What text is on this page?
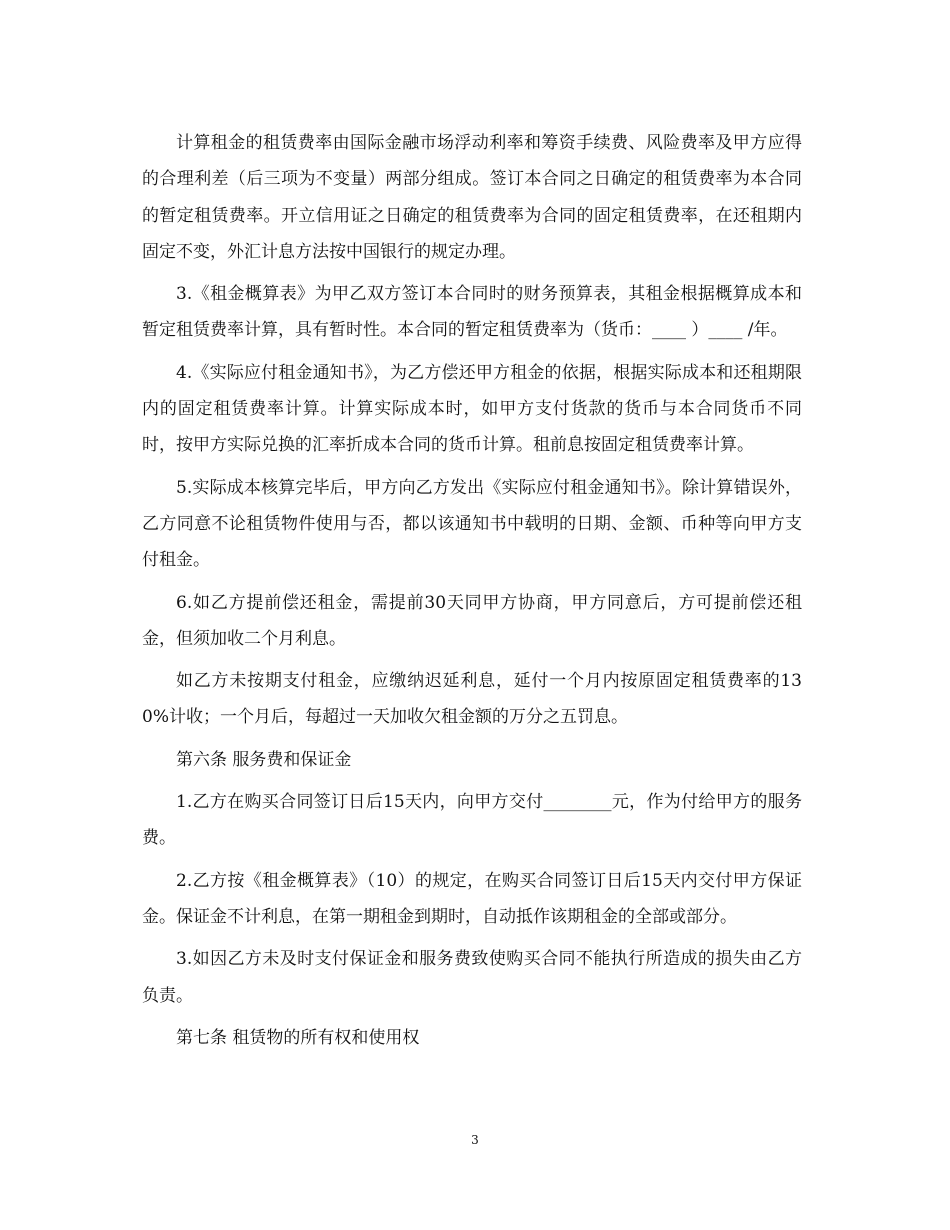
计算租金的租赁费率由国际金融市场浮动利率和筹资手续费、风险费率及甲方应得的合理利差（后三项为不变量）两部分组成。签订本合同之日确定的租赁费率为本合同的暂定租赁费率。开立信用证之日确定的租赁费率为合同的固定租赁费率，在还租期内固定不变，外汇计息方法按中国银行的规定办理。

3.《租金概算表》为甲乙双方签订本合同时的财务预算表，其租金根据概算成本和暂定租赁费率计算，具有暂时性。本合同的暂定租赁费率为（货币：____ ）____ /年。

4.《实际应付租金通知书》，为乙方偿还甲方租金的依据，根据实际成本和还租期限内的固定租赁费率计算。计算实际成本时，如甲方支付货款的货币与本合同货币不同时，按甲方实际兑换的汇率折成本合同的货币计算。租前息按固定租赁费率计算。

5.实际成本核算完毕后，甲方向乙方发出《实际应付租金通知书》。除计算错误外，乙方同意不论租赁物件使用与否，都以该通知书中载明的日期、金额、币种等向甲方支付租金。

6.如乙方提前偿还租金，需提前30天同甲方协商，甲方同意后，方可提前偿还租金，但须加收二个月利息。

如乙方未按期支付租金，应缴纳迟延利息，延付一个月内按原固定租赁费率的130%计收；一个月后，每超过一天加收欠租金额的万分之五罚息。

第六条 服务费和保证金

1.乙方在购买合同签订日后15天内，向甲方交付________元，作为付给甲方的服务费。

2.乙方按《租金概算表》（10）的规定，在购买合同签订日后15天内交付甲方保证金。保证金不计利息，在第一期租金到期时，自动抵作该期租金的全部或部分。

3.如因乙方未及时支付保证金和服务费致使购买合同不能执行所造成的损失由乙方负责。

第七条 租赁物的所有权和使用权

3
